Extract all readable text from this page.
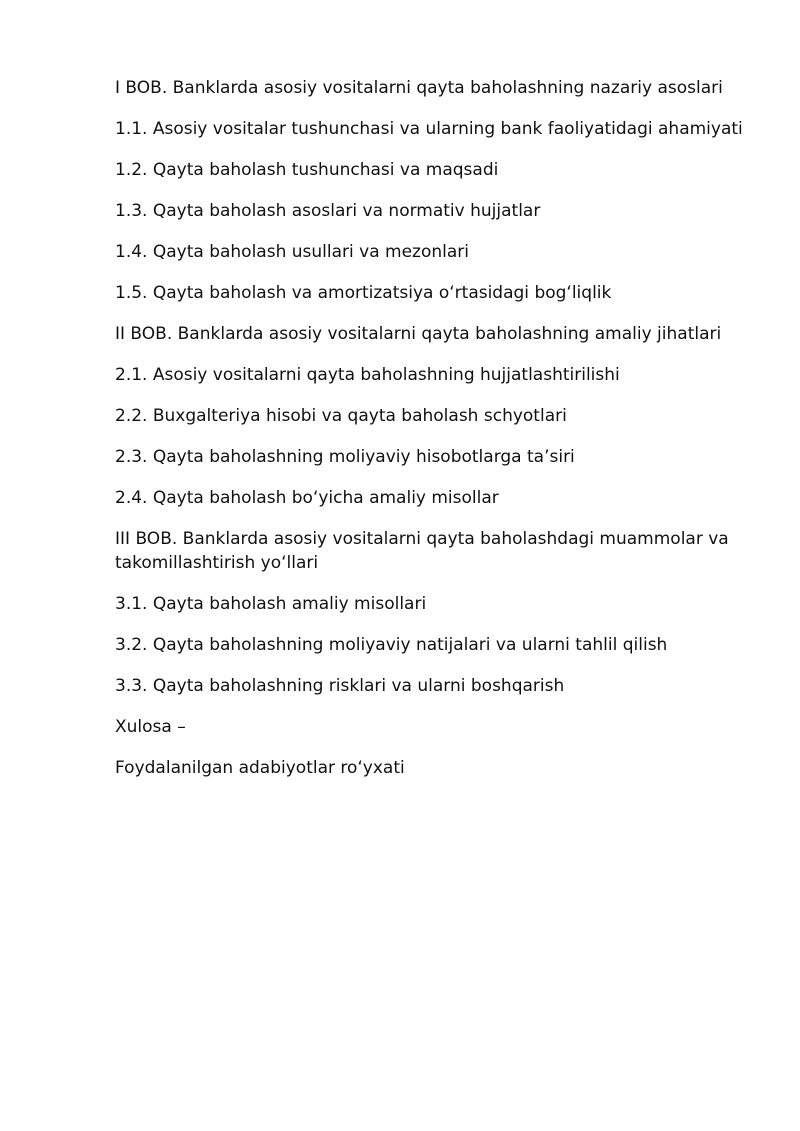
I BOB. Banklarda asosiy vositalarni qayta baholashning nazariy asoslari
1.1. Asosiy vositalar tushunchasi va ularning bank faoliyatidagi ahamiyati
1.2. Qayta baholash tushunchasi va maqsadi
1.3. Qayta baholash asoslari va normativ hujjatlar
1.4. Qayta baholash usullari va mezonlari
1.5. Qayta baholash va amortizatsiya oʻrtasidagi bogʻliqlik
II BOB. Banklarda asosiy vositalarni qayta baholashning amaliy jihatlari
2.1. Asosiy vositalarni qayta baholashning hujjatlashtirilishi
2.2. Buxgalteriya hisobi va qayta baholash schyotlari
2.3. Qayta baholashning moliyaviy hisobotlarga taʼsiri
2.4. Qayta baholash boʻyicha amaliy misollar
III BOB. Banklarda asosiy vositalarni qayta baholashdagi muammolar va takomillashtirish yoʻllari
3.1. Qayta baholash amaliy misollari
3.2. Qayta baholashning moliyaviy natijalari va ularni tahlil qilish
3.3. Qayta baholashning risklari va ularni boshqarish
Xulosa –
Foydalanilgan adabiyotlar roʻyxati
